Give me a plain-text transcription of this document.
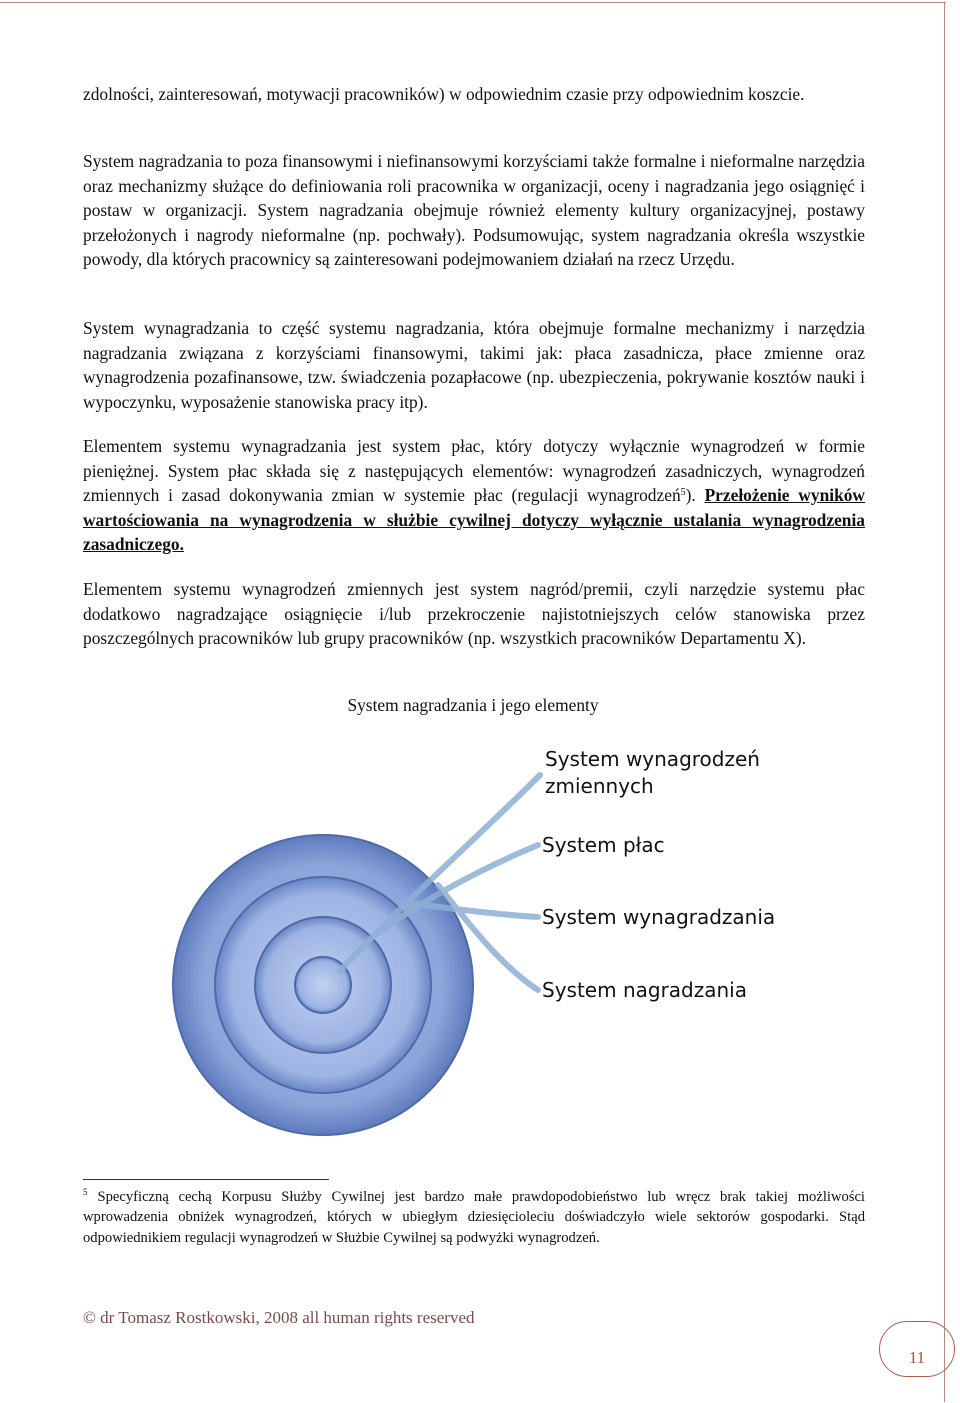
zdolności, zainteresowań, motywacji pracowników) w odpowiednim czasie przy odpowiednim koszcie.

System nagradzania to poza finansowymi i niefinansowymi korzyściami także formalne i nieformalne narzędzia oraz mechanizmy służące do definiowania roli pracownika w organizacji, oceny i nagradzania jego osiągnięć i postaw w organizacji. System nagradzania obejmuje również elementy kultury organizacyjnej, postawy przełożonych i nagrody nieformalne (np. pochwały). Podsumowując, system nagradzania określa wszystkie powody, dla których pracownicy są zainteresowani podejmowaniem działań na rzecz Urzędu.

System wynagradzania to część systemu nagradzania, która obejmuje formalne mechanizmy i narzędzia nagradzania związana z korzyściami finansowymi, takimi jak: płaca zasadnicza, płace zmienne oraz wynagrodzenia pozafinansowe, tzw. świadczenia pozapłacowe (np. ubezpieczenia, pokrywanie kosztów nauki i wypoczynku, wyposażenie stanowiska pracy itp).

Elementem systemu wynagradzania jest system płac, który dotyczy wyłącznie wynagrodzeń w formie pieniężnej. System płac składa się z następujących elementów: wynagrodzeń zasadniczych, wynagrodzeń zmiennych i zasad dokonywania zmian w systemie płac (regulacji wynagrodzeń$^5$). Przełożenie wyników wartościowania na wynagrodzenia w służbie cywilnej dotyczy wyłącznie ustalania wynagrodzenia zasadniczego.

Elementem systemu wynagrodzeń zmiennych jest system nagród/premii, czyli narzędzie systemu płac dodatkowo nagradzające osiągnięcie i/lub przekroczenie najistotniejszych celów stanowiska przez poszczególnych pracowników lub grupy pracowników (np. wszystkich pracowników Departamentu X).

System nagradzania i jego elementy
System wynagrodzeń zmiennych
System płac
System wynagradzania
System nagradzania

$^5$ Specyficzną cechą Korpusu Służby Cywilnej jest bardzo małe prawdopodobieństwo lub wręcz brak takiej możliwości wprowadzenia obniżek wynagrodzeń, których w ubiegłym dziesięcioleciu doświadczyło wiele sektorów gospodarki. Stąd odpowiednikiem regulacji wynagrodzeń w Służbie Cywilnej są podwyżki wynagrodzeń.

© dr Tomasz Rostkowski, 2008 all human rights reserved
11
